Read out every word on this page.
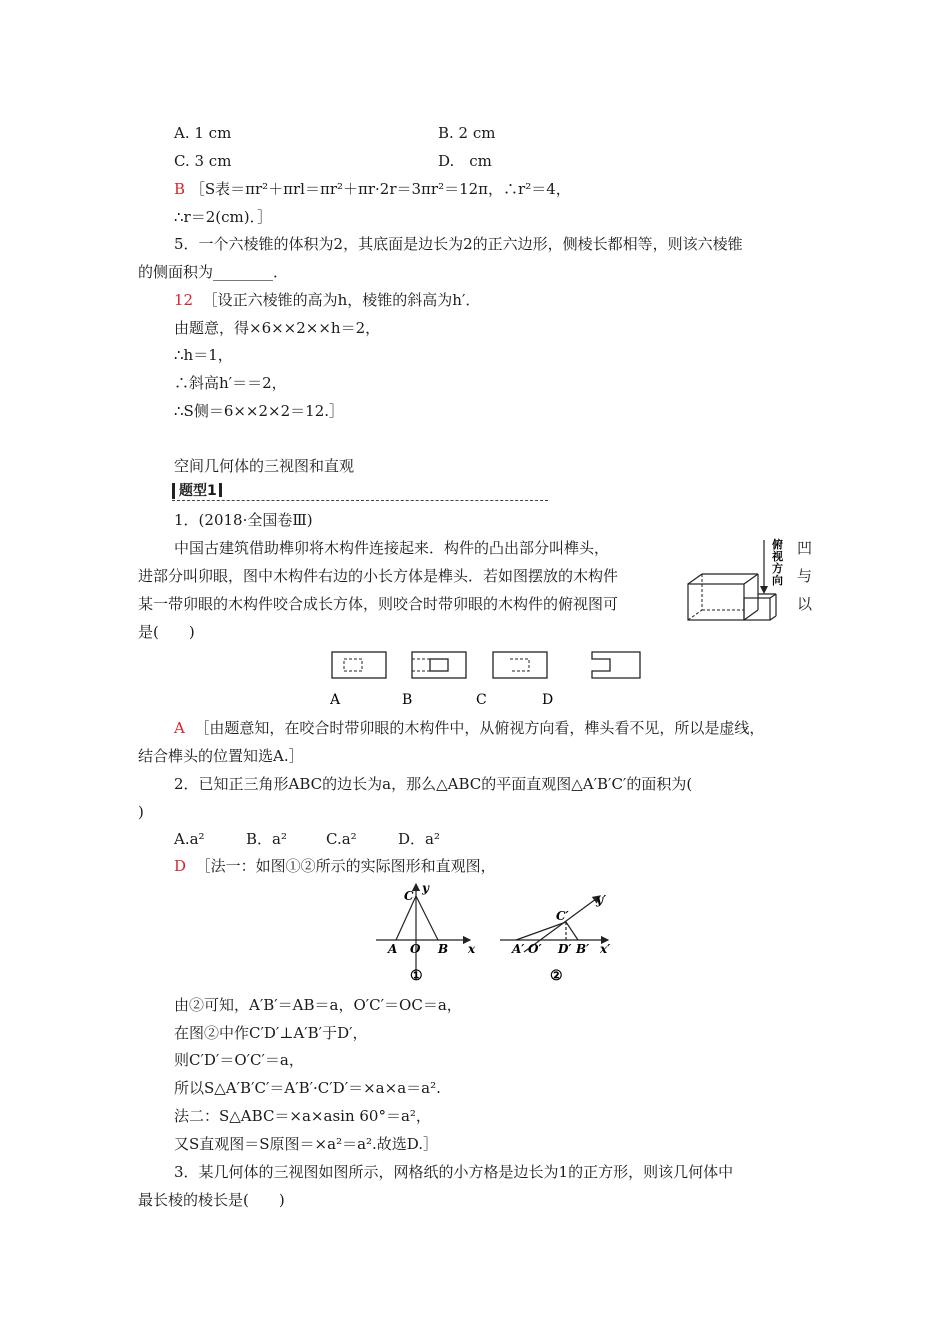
A. 1 cm	B. 2 cm
C. 3 cm	D.　cm
B ［S表＝πr²＋πrl＝πr²＋πr·2r＝3πr²＝12π，∴r²＝4，
∴r＝2(cm)．］
5．一个六棱锥的体积为2，其底面是边长为2的正六边形，侧棱长都相等，则该六棱锥
的侧面积为________．
12 ［设正六棱锥的高为h，棱锥的斜高为h′．
由题意，得×6××2××h＝2，
∴h＝1，
∴斜高h′＝＝2，
∴S侧＝6××2×2＝12.］
空间几何体的三视图和直观
题型1
1．(2018·全国卷Ⅲ)
中国古建筑借助榫卯将木构件连接起来．构件的凸出部分叫榫头，
进部分叫卯眼，图中木构件右边的小长方体是榫头．若如图摆放的木构件
某一带卯眼的木构件咬合成长方体，则咬合时带卯眼的木构件的俯视图可
是(　　)
凹
与
以
俯
视
方
向
A	B	C	D
A ［由题意知，在咬合时带卯眼的木构件中，从俯视方向看，榫头看不见，所以是虚线，
结合榫头的位置知选A.］
2．已知正三角形ABC的边长为a，那么△ABC的平面直观图△A′B′C′的面积为(
)
A.a²	B．a²	C.a²	D．a²
D ［法一：如图①②所示的实际图形和直观图，
C
y
A O B x
①
C′
y′
A′ O′ D′ B′ x′
②
由②可知，A′B′＝AB＝a，O′C′＝OC＝a，
在图②中作C′D′⊥A′B′于D′，
则C′D′＝O′C′＝a，
所以S△A′B′C′＝A′B′·C′D′＝×a×a＝a².
法二：S△ABC＝×a×asin 60°＝a²，
又S直观图＝S原图＝×a²＝a².故选D.］
3．某几何体的三视图如图所示，网格纸的小方格是边长为1的正方形，则该几何体中
最长棱的棱长是(　　)
